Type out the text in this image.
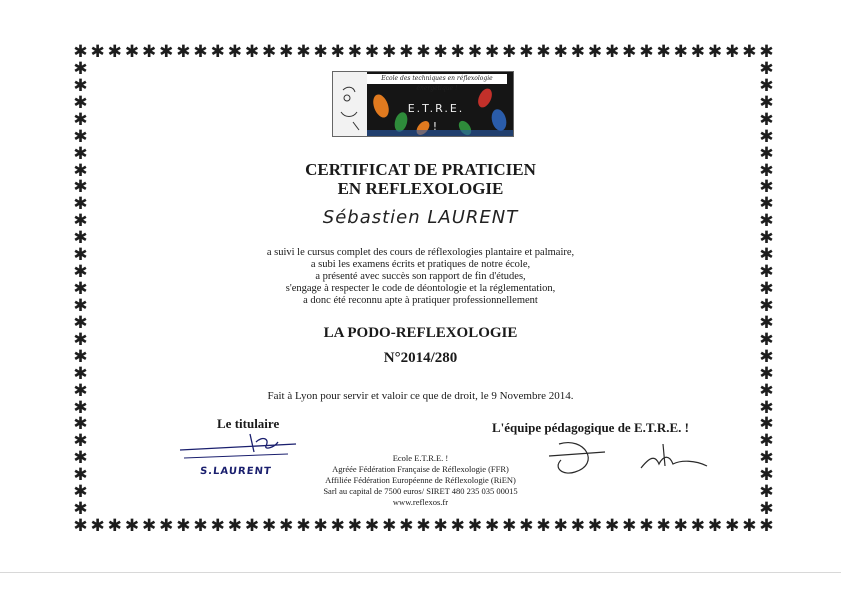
✱
✱
✱
✱
✱
✱
✱
✱
✱
✱
✱
✱
✱
✱
✱
✱
✱
✱
✱
✱
✱
✱
✱
✱
✱
✱
✱
✱
✱
✱
✱
✱
✱
✱
✱
✱
✱
✱
✱
✱
✱
✱
✱
✱
✱
✱
✱
✱
✱
✱
✱
✱
✱
✱
✱
✱
✱
✱
✱
✱
✱
✱
✱
✱
✱
✱
✱
✱
✱
✱
✱
✱
✱
✱
✱
✱
✱
✱
✱
✱
✱
✱
✱	✱
✱	✱
✱	✱
✱	✱
✱	✱
✱	✱
✱	✱
✱	✱
✱	✱
✱	✱
✱	✱
✱	✱
✱	✱
✱	✱
✱	✱
✱	✱
✱	✱
✱	✱
✱	✱
✱	✱
✱	✱
✱	✱
✱	✱
✱	✱
✱	✱
✱	✱
✱	✱
Ecole des techniques en réflexologie énergétique !
E.T.R.E. !
CERTIFICAT DE PRATICIEN
EN REFLEXOLOGIE
Sébastien LAURENT
a suivi le cursus complet des cours de réflexologies plantaire et palmaire,
a subi les examens écrits et pratiques de notre école,
a présenté avec succès son rapport de fin d'études,
s'engage à respecter le code de déontologie et la réglementation,
a donc été reconnu apte à pratiquer professionnellement
LA PODO-REFLEXOLOGIE
N°2014/280
Fait à Lyon pour servir et valoir ce que de droit, le 9 Novembre 2014.
Le titulaire	L'équipe pédagogique de E.T.R.E. !
S.LAURENT
Ecole E.T.R.E. !
Agréée Fédération Française de Réflexologie (FFR)
Affiliée Fédération Européenne de Réflexologie (RiEN)
Sarl au capital de 7500 euros/ SIRET 480 235 035 00015
www.reflexos.fr
